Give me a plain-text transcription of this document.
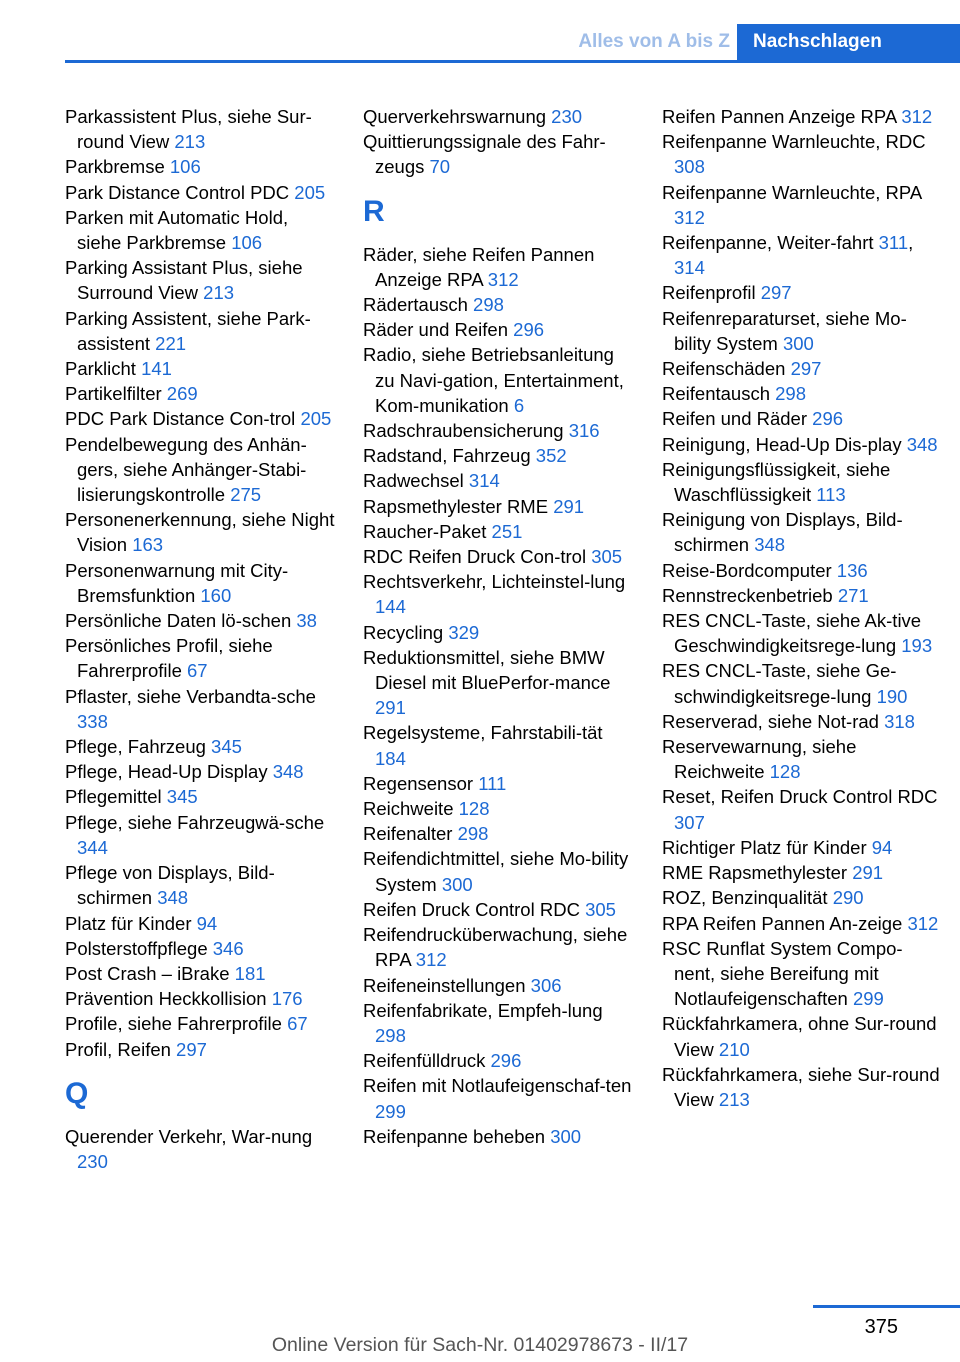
Alles von A bis Z	Nachschlagen

Parkassistent Plus, siehe Sur-round View 213

Parkbremse 106

Park Distance Control PDC 205

Parken mit Automatic Hold, siehe Parkbremse 106

Parking Assistant Plus, siehe Surround View 213

Parking Assistent, siehe Park-assistent 221

Parklicht 141

Partikelfilter 269

PDC Park Distance Con-trol 205

Pendelbewegung des Anhän-gers, siehe Anhänger-Stabi-lisierungskontrolle 275

Personenerkennung, siehe Night Vision 163

Personenwarnung mit City-Bremsfunktion 160

Persönliche Daten lö-schen 38

Persönliches Profil, siehe Fahrerprofile 67

Pflaster, siehe Verbandta-sche 338

Pflege, Fahrzeug 345

Pflege, Head-Up Display 348

Pflegemittel 345

Pflege, siehe Fahrzeugwä-sche 344

Pflege von Displays, Bild-schirmen 348

Platz für Kinder 94

Polsterstoffpflege 346

Post Crash – iBrake 181

Prävention Heckkollision 176

Profile, siehe Fahrerprofile 67

Profil, Reifen 297

Q

Querender Verkehr, War-nung 230

Querverkehrswarnung 230

Quittierungssignale des Fahr-zeugs 70

R

Räder, siehe Reifen Pannen Anzeige RPA 312

Rädertausch 298

Räder und Reifen 296

Radio, siehe Betriebsanleitung zu Navi-gation, Entertainment, Kom-munikation 6

Radschraubensicherung 316

Radstand, Fahrzeug 352

Radwechsel 314

Rapsmethylester RME 291

Raucher-Paket 251

RDC Reifen Druck Con-trol 305

Rechtsverkehr, Lichteinstel-lung 144

Recycling 329

Reduktionsmittel, siehe BMW Diesel mit BluePerfor-mance 291

Regelsysteme, Fahrstabili-tät 184

Regensensor 111

Reichweite 128

Reifenalter 298

Reifendichtmittel, siehe Mo-bility System 300

Reifen Druck Control RDC 305

Reifendrucküberwachung, siehe RPA 312

Reifeneinstellungen 306

Reifenfabrikate, Empfeh-lung 298

Reifenfülldruck 296

Reifen mit Notlaufeigenschaf-ten 299

Reifenpanne beheben 300

Reifen Pannen Anzeige RPA 312

Reifenpanne Warnleuchte, RDC 308

Reifenpanne Warnleuchte, RPA 312

Reifenpanne, Weiter-fahrt 311, 314

Reifenprofil 297

Reifenreparaturset, siehe Mo-bility System 300

Reifenschäden 297

Reifentausch 298

Reifen und Räder 296

Reinigung, Head-Up Dis-play 348

Reinigungsflüssigkeit, siehe Waschflüssigkeit 113

Reinigung von Displays, Bild-schirmen 348

Reise-Bordcomputer 136

Rennstreckenbetrieb 271

RES CNCL-Taste, siehe Ak-tive Geschwindigkeitsrege-lung 193

RES CNCL-Taste, siehe Ge-schwindigkeitsrege-lung 190

Reserverad, siehe Not-rad 318

Reservewarnung, siehe Reichweite 128

Reset, Reifen Druck Control RDC 307

Richtiger Platz für Kinder 94

RME Rapsmethylester 291

ROZ, Benzinqualität 290

RPA Reifen Pannen An-zeige 312

RSC Runflat System Compo-nent, siehe Bereifung mit Notlaufeigenschaften 299

Rückfahrkamera, ohne Sur-round View 210

Rückfahrkamera, siehe Sur-round View 213

375
Online Version für Sach-Nr. 01402978673 - II/17
